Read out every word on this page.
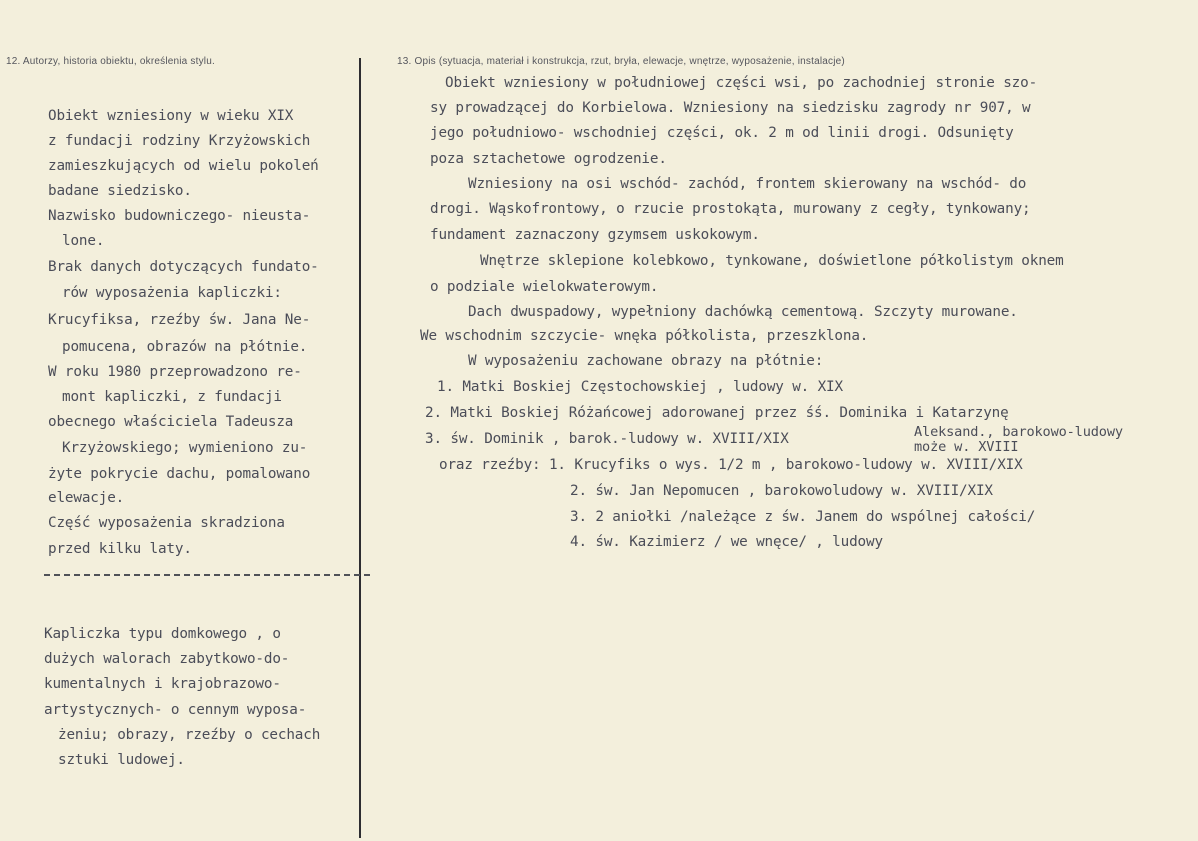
12. Autorzy, historia obiektu, określenia stylu.	13. Opis (sytuacja, materiał i konstrukcja, rzut, bryła, elewacje, wnętrze, wyposażenie, instalacje)
Obiekt wzniesiony w wieku XIX
z fundacji rodziny Krzyżowskich
zamieszkujących od wielu pokoleń
badane siedzisko.
Nazwisko budowniczego- nieusta-
lone.
Brak danych dotyczących fundato-
rów wyposażenia kapliczki:
Krucyfiksa, rzeźby św. Jana Ne-
pomucena, obrazów na płótnie.
W roku 1980 przeprowadzono re-
mont kapliczki, z fundacji
obecnego właściciela Tadeusza
Krzyżowskiego; wymieniono zu-
żyte pokrycie dachu, pomalowano
elewacje.
Część wyposażenia skradziona
przed kilku laty.
Kapliczka typu domkowego , o
dużych walorach zabytkowo-do-
kumentalnych i krajobrazowo-
artystycznych- o cennym wyposa-
żeniu; obrazy, rzeźby o cechach
sztuki ludowej.
Obiekt wzniesiony w południowej części wsi, po zachodniej stronie szo-
sy prowadzącej do Korbielowa. Wzniesiony na siedzisku zagrody nr 907, w
jego południowo- wschodniej części, ok. 2 m od linii drogi. Odsunięty
poza sztachetowe ogrodzenie.
Wzniesiony na osi wschód- zachód, frontem skierowany na wschód- do
drogi. Wąskofrontowy, o rzucie prostokąta, murowany z cegły, tynkowany;
fundament zaznaczony gzymsem uskokowym.
Wnętrze sklepione kolebkowo, tynkowane, doświetlone półkolistym oknem
o podziale wielokwaterowym.
Dach dwuspadowy, wypełniony dachówką cementową. Szczyty murowane.
We wschodnim szczycie- wnęka półkolista, przeszklona.
W wyposażeniu zachowane obrazy na płótnie:
1. Matki Boskiej Częstochowskiej , ludowy w. XIX
2. Matki Boskiej Różańcowej adorowanej przez śś. Dominika i Katarzynę
3. św. Dominik , barok.-ludowy w. XVIII/XIX	Aleksand., barokowo-ludowy
może w. XVIII
oraz rzeźby: 1. Krucyfiks o wys. 1/2 m , barokowo-ludowy w. XVIII/XIX
2. św. Jan Nepomucen , barokowoludowy w. XVIII/XIX
3. 2 aniołki /należące z św. Janem do wspólnej całości/
4. św. Kazimierz / we wnęce/ , ludowy
